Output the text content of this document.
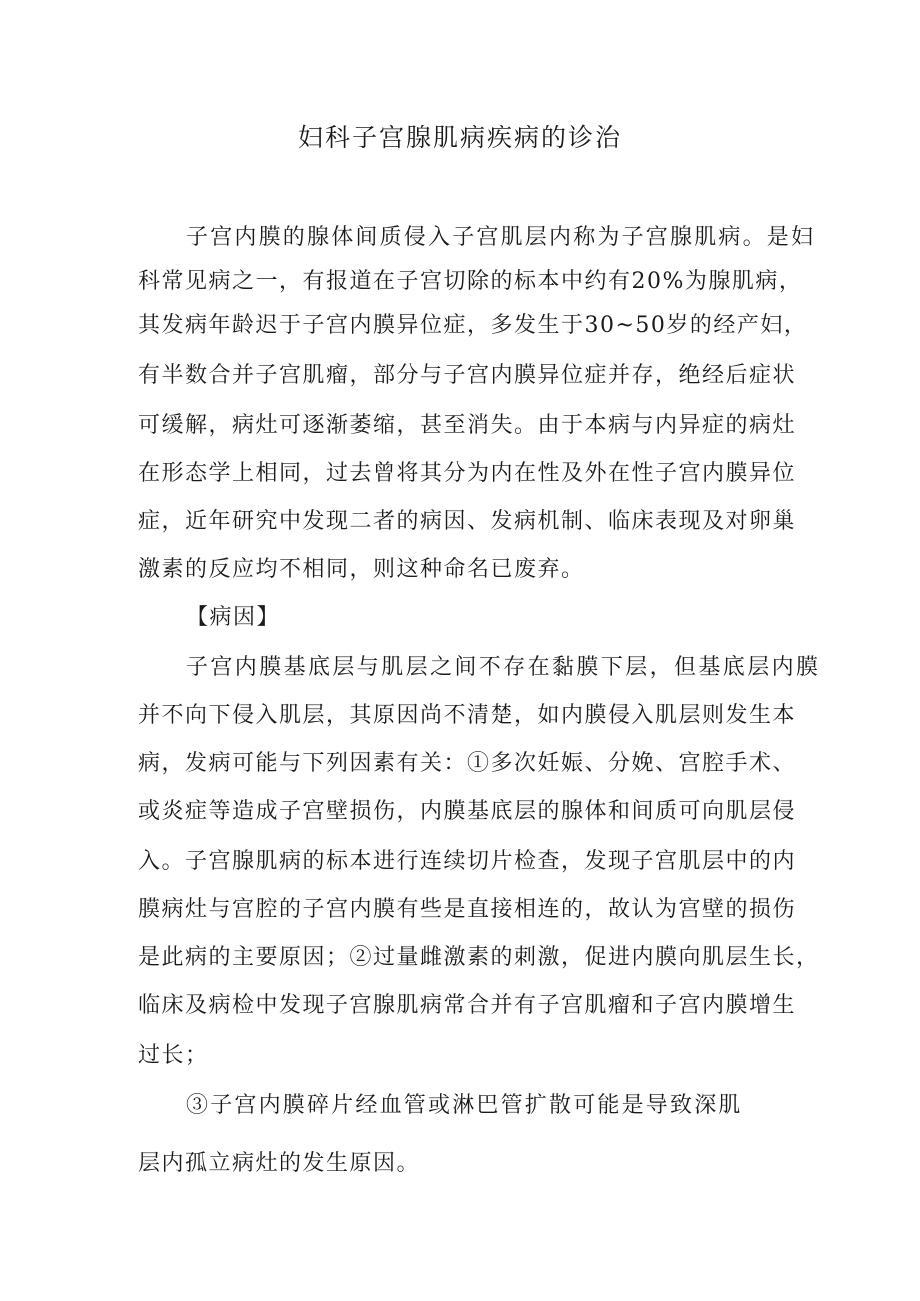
妇科子宫腺肌病疾病的诊治
子宫内膜的腺体间质侵入子宫肌层内称为子宫腺肌病。是妇
科常见病之一，有报道在子宫切除的标本中约有20%为腺肌病，
其发病年龄迟于子宫内膜异位症，多发生于30~50岁的经产妇，
有半数合并子宫肌瘤，部分与子宫内膜异位症并存，绝经后症状
可缓解，病灶可逐渐萎缩，甚至消失。由于本病与内异症的病灶
在形态学上相同，过去曾将其分为内在性及外在性子宫内膜异位
症，近年研究中发现二者的病因、发病机制、临床表现及对卵巢
激素的反应均不相同，则这种命名已废弃。
【病因】
子宫内膜基底层与肌层之间不存在黏膜下层，但基底层内膜
并不向下侵入肌层，其原因尚不清楚，如内膜侵入肌层则发生本
病，发病可能与下列因素有关：①多次妊娠、分娩、宫腔手术、
或炎症等造成子宫壁损伤，内膜基底层的腺体和间质可向肌层侵
入。子宫腺肌病的标本进行连续切片检查，发现子宫肌层中的内
膜病灶与宫腔的子宫内膜有些是直接相连的，故认为宫壁的损伤
是此病的主要原因；②过量雌激素的刺激，促进内膜向肌层生长，
临床及病检中发现子宫腺肌病常合并有子宫肌瘤和子宫内膜增生
过长；
③子宫内膜碎片经血管或淋巴管扩散可能是导致深肌
层内孤立病灶的发生原因。
